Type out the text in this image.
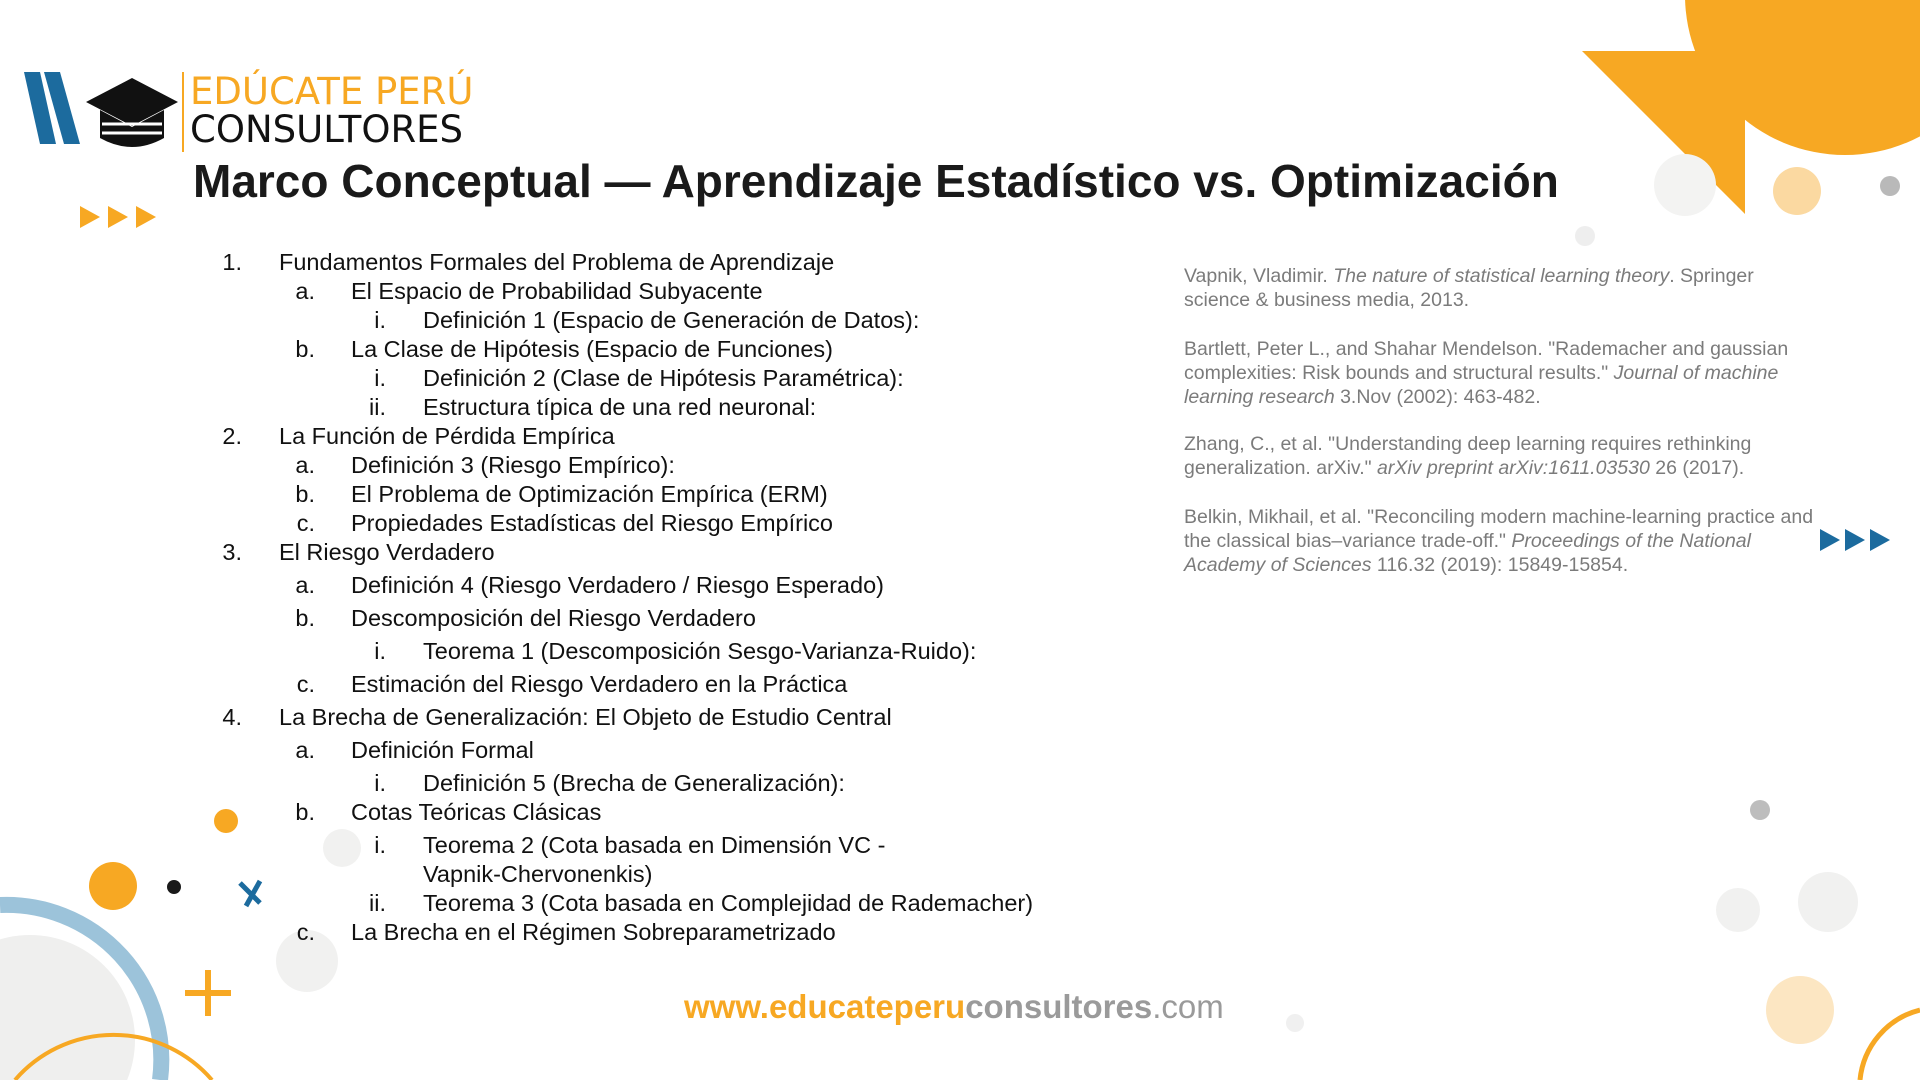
EDÚCATE PERÚ
CONSULTORES
Marco Conceptual — Aprendizaje Estadístico vs. Optimización
1. Fundamentos Formales del Problema de Aprendizaje
a. El Espacio de Probabilidad Subyacente
i. Definición 1 (Espacio de Generación de Datos):
b. La Clase de Hipótesis (Espacio de Funciones)
i. Definición 2 (Clase de Hipótesis Paramétrica):
ii. Estructura típica de una red neuronal:
2. La Función de Pérdida Empírica
a. Definición 3 (Riesgo Empírico):
b. El Problema de Optimización Empírica (ERM)
c. Propiedades Estadísticas del Riesgo Empírico
3. El Riesgo Verdadero
a. Definición 4 (Riesgo Verdadero / Riesgo Esperado)
b. Descomposición del Riesgo Verdadero
i. Teorema 1 (Descomposición Sesgo-Varianza-Ruido):
c. Estimación del Riesgo Verdadero en la Práctica
4. La Brecha de Generalización: El Objeto de Estudio Central
a. Definición Formal
i. Definición 5 (Brecha de Generalización):
b. Cotas Teóricas Clásicas
i. Teorema 2 (Cota basada en Dimensión VC -
Vapnik-Chervonenkis)
ii. Teorema 3 (Cota basada en Complejidad de Rademacher)
c. La Brecha en el Régimen Sobreparametrizado
Vapnik, Vladimir. The nature of statistical learning theory. Springer science & business media, 2013.
Bartlett, Peter L., and Shahar Mendelson. "Rademacher and gaussian complexities: Risk bounds and structural results." Journal of machine learning research 3.Nov (2002): 463-482.
Zhang, C., et al. "Understanding deep learning requires rethinking generalization. arXiv." arXiv preprint arXiv:1611.03530 26 (2017).
Belkin, Mikhail, et al. "Reconciling modern machine-learning practice and the classical bias–variance trade-off." Proceedings of the National Academy of Sciences 116.32 (2019): 15849-15854.
www.educateperuconsultores.com
